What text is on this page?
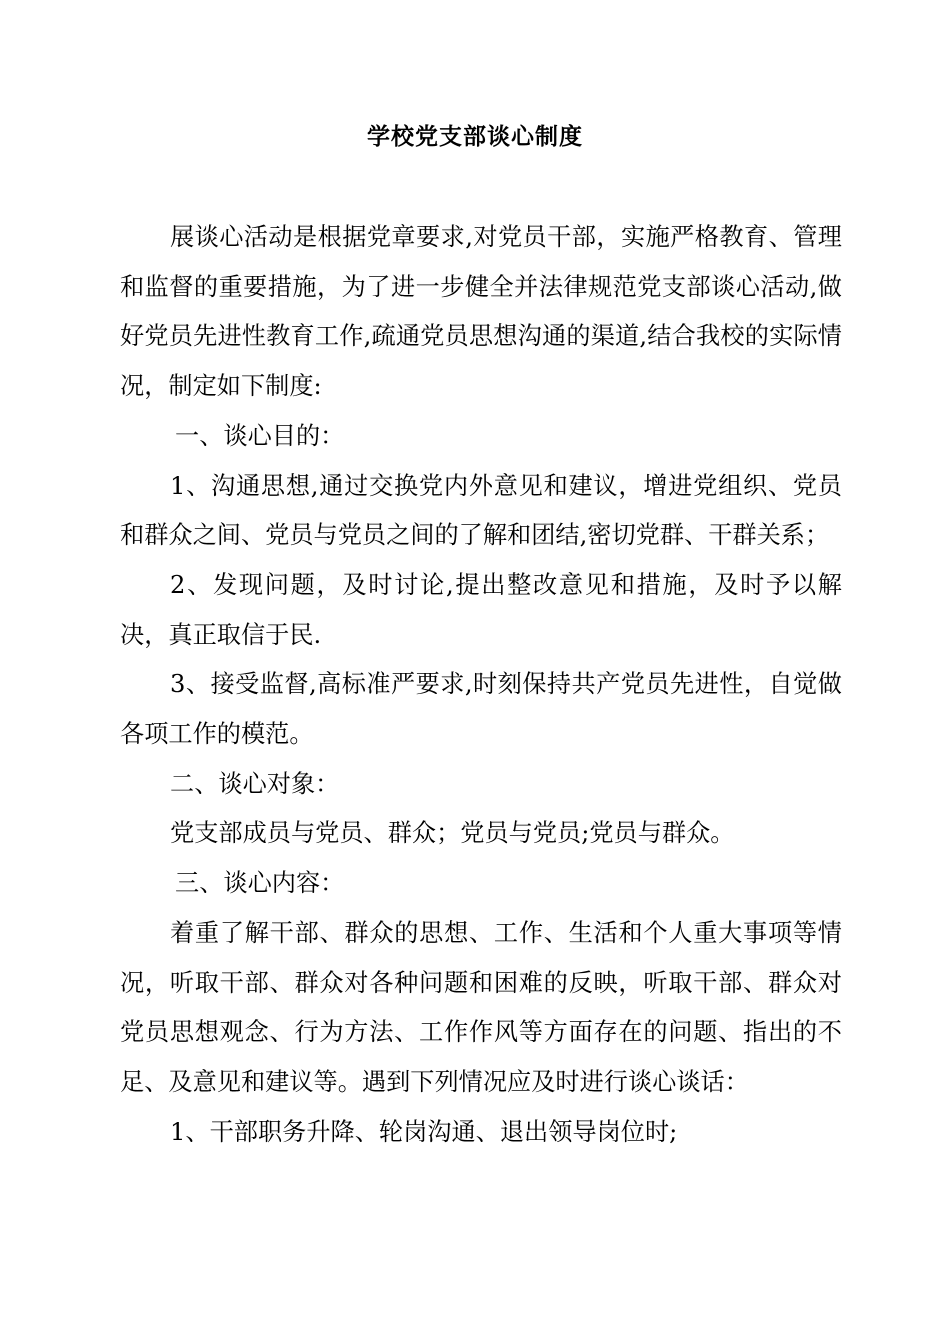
学校党支部谈心制度

展谈心活动是根据党章要求,对党员干部，实施严格教育、管理和监督的重要措施，为了进一步健全并法律规范党支部谈心活动,做好党员先进性教育工作,疏通党员思想沟通的渠道,结合我校的实际情况，制定如下制度:

一、谈心目的：

1、沟通思想,通过交换党内外意见和建议，增进党组织、党员和群众之间、党员与党员之间的了解和团结,密切党群、干群关系；

2、发现问题，及时讨论,提出整改意见和措施，及时予以解决，真正取信于民.

3、接受监督,高标准严要求,时刻保持共产党员先进性，自觉做各项工作的模范。

二、谈心对象：

党支部成员与党员、群众；党员与党员;党员与群众。

三、谈心内容：

着重了解干部、群众的思想、工作、生活和个人重大事项等情况，听取干部、群众对各种问题和困难的反映，听取干部、群众对党员思想观念、行为方法、工作作风等方面存在的问题、指出的不足、及意见和建议等。遇到下列情况应及时进行谈心谈话：

1、干部职务升降、轮岗沟通、退出领导岗位时;
